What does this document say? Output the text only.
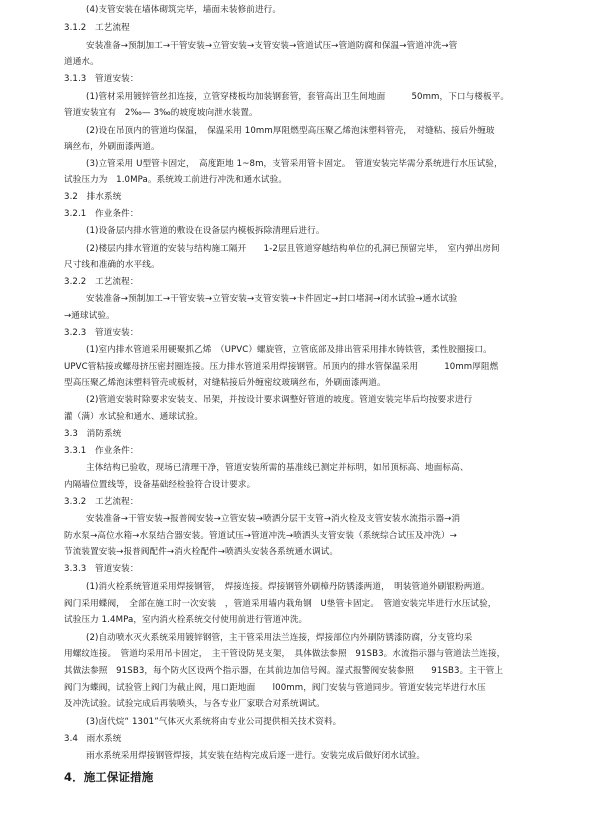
(4)支管安装在墙体砌筑完毕，墙面未装修前进行。
3.1.2　工艺流程
安装准备→预制加工→干管安装→立管安装→支管安装→管道试压→管道防腐和保温→管道冲洗→管
道通水。
3.1.3　管道安装：
(1)管材采用镀锌管丝扣连接，立管穿楼板均加装钢套管，套管高出卫生间地面　　　50mm，下口与楼板平。
管道安装宜有　2‰— 3‰的坡度坡向泄水装置。
(2)设在吊顶内的管道均保温，　保温采用 10mm厚阻燃型高压聚乙烯泡沫塑料管壳，　对缝粘、接后外缠玻
璃丝布，外刷面漆两道。
(3)立管采用 U型管卡固定，　高度距地 1~8m，支管采用管卡固定。　管道安装完毕需分系统进行水压试验，
试验压力为　1.0MPa。系统竣工前进行冲洗和通水试验。
3.2　排水系统
3.2.1　作业条件：
(1)设备层内排水管道的敷设在设备层内模板拆除清理后进行。
(2)楼层内排水管道的安装与结构施工隔开　　1-2层且管道穿越结构单位的孔洞已预留完毕，　室内弹出房间
尺寸线和准确的水平线。
3.2.2　工艺流程：
安装准备→预制加工→干管安装→立管安装→支管安装→卡件固定→封口堵洞→闭水试验→通水试验
→通球试验。
3.2.3　管道安装：
(1)室内排水管道采用硬聚抓乙烯　（UPVC）螺旋管，立管底部及排出管采用排水铸铁管，柔性胶圈接口。
UPVC管粘接或螺母挤压密封圈连接。压力排水管道采用焊接钢管。吊顶内的排水管保温采用　　　10mm厚阻燃
型高压聚乙烯泡沫塑料管壳或板材，对缝粘接后外缠密纹玻璃丝布，外刷面漆两道。
(2)管道安装时除要求安装支、吊架，并按设计要求调整好管道的坡度。管道安装完毕后均按要求进行
灌（满）水试验和通水、通球试验。
3.3　消防系统
3.3.1　作业条件：
主体结构已验收，现场已清理干净，管道安装所需的基准线已测定并标明，如吊顶标高、地面标高、
内隔墙位置线等，设备基础经检验符合设计要求。
3.3.2　工艺流程：
安装准备→干管安装→报普阀安装→立管安装→喷洒分层干支管→消火栓及支管安装水流指示器→消
防水泵→高位水箱→水泵结合器安装。管道试压→管道冲洗→喷洒头支管安装（系统综合试压及冲洗）→
节流装置安装→报普阀配件→消火栓配件→喷洒头安装各系统通水调试。
3.3.3　管道安装：
(1)消火栓系统管道采用焊接钢管，　焊接连接。焊接钢管外刷樟丹防锈漆两道，　明装管道外刷银粉两道。
阀门采用蝶阀，　全部在施工时一次安装　，管道采用墙内栽角钢　U垫管卡固定。　管道安装完毕进行水压试验，
试验压力 1.4MPa，室内消火栓系统交付使用前进行管道冲洗。
(2)自动喷水灭火系统采用镀锌钢管，主干管采用法兰连接，焊接部位内外刷防锈漆防腐，分支管均采
用螺纹连接。　管道均采用吊卡固定，　主干管设防晃支架，　具体做法参照　91SB3。水流指示器与管道法兰连接，
其做法参照　91SB3，每个防火区设两个指示器，在其前边加信号阀。湿式报警阀安装参照　　91SB3。主干管上
阀门为蝶阀，试验管上阀门为截止阀，甩口距地面　　l00mm，阀门安装与管道同步。管道安装完毕进行水压
及冲洗试验。试验完成后再装喷头，与各专业厂家联合对系统调试。
(3)卤代烷“ 1301”气体灭火系统将由专业公司提供相关技术资料。
3.4　雨水系统
雨水系统采用焊接钢管焊接，其安装在结构完成后逐一进行。安装完成后做好闭水试验。
4．施工保证措施
